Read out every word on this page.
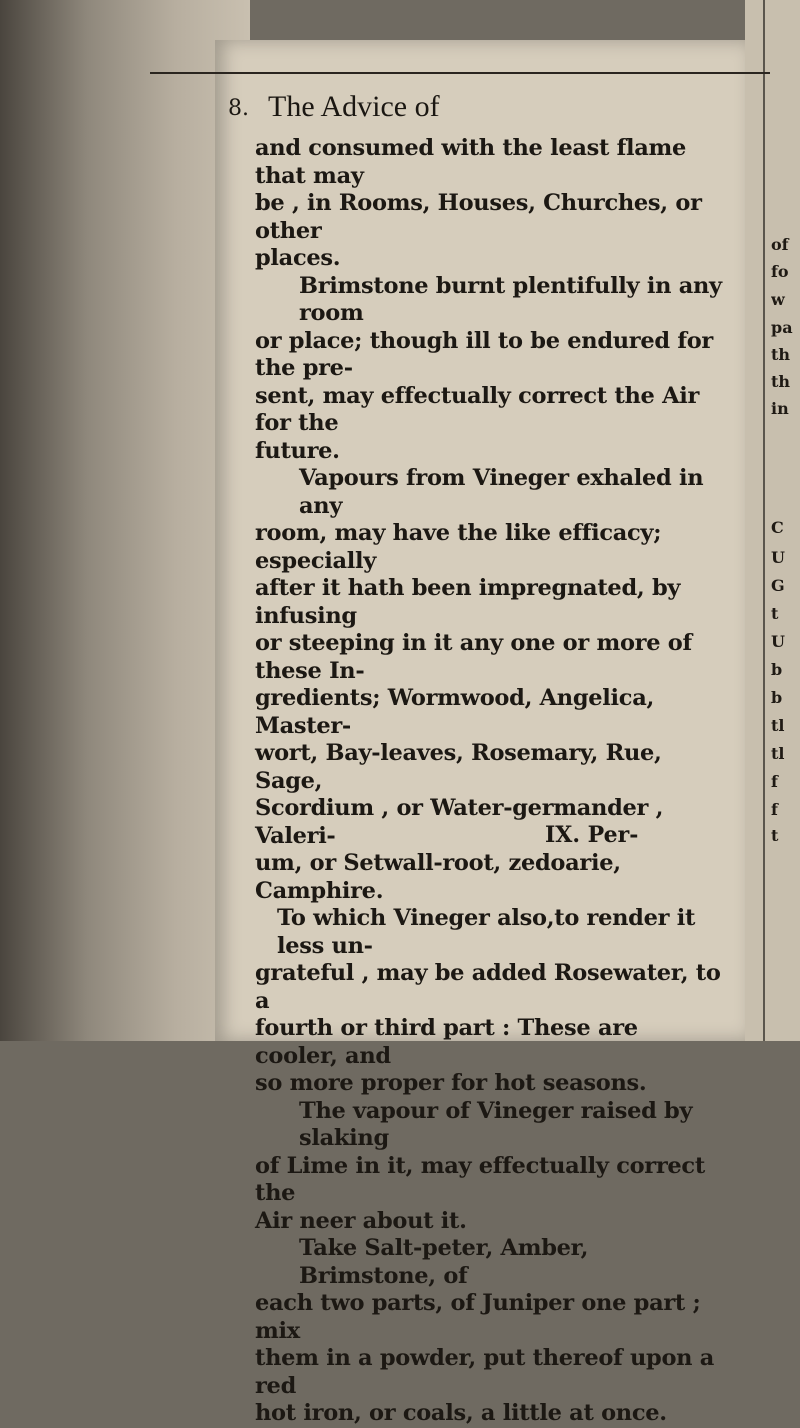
of
fo
w
pa
th
th
in
C
U
G
t
U
b
b
tl
tl
f
f
t
8. The Advice of

and consumed with the least flame that may

be , in Rooms, Houses, Churches, or other

places.

Brimstone burnt plentifully in any room

or place; though ill to be endured for the pre-

sent, may effectually correct the Air for the

future.

Vapours from Vineger exhaled in any

room, may have the like efficacy; especially

after it hath been impregnated, by infusing

or steeping in it any one or more of these In-

gredients; Wormwood, Angelica, Master-

wort, Bay-leaves, Rosemary, Rue, Sage,

Scordium , or Water-germander , Valeri-

um, or Setwall-root, zedoarie, Camphire.

To which Vineger also,to render it less un-

grateful , may be added Rosewater, to a

fourth or third part : These are cooler, and

so more proper for hot seasons.

The vapour of Vineger raised by slaking

of Lime in it, may effectually correct the

Air neer about it.

Take Salt-peter, Amber, Brimstone, of

each two parts, of Juniper one part ; mix

them in a powder, put thereof upon a red

hot iron, or coals, a little at once.

IX. Per-
